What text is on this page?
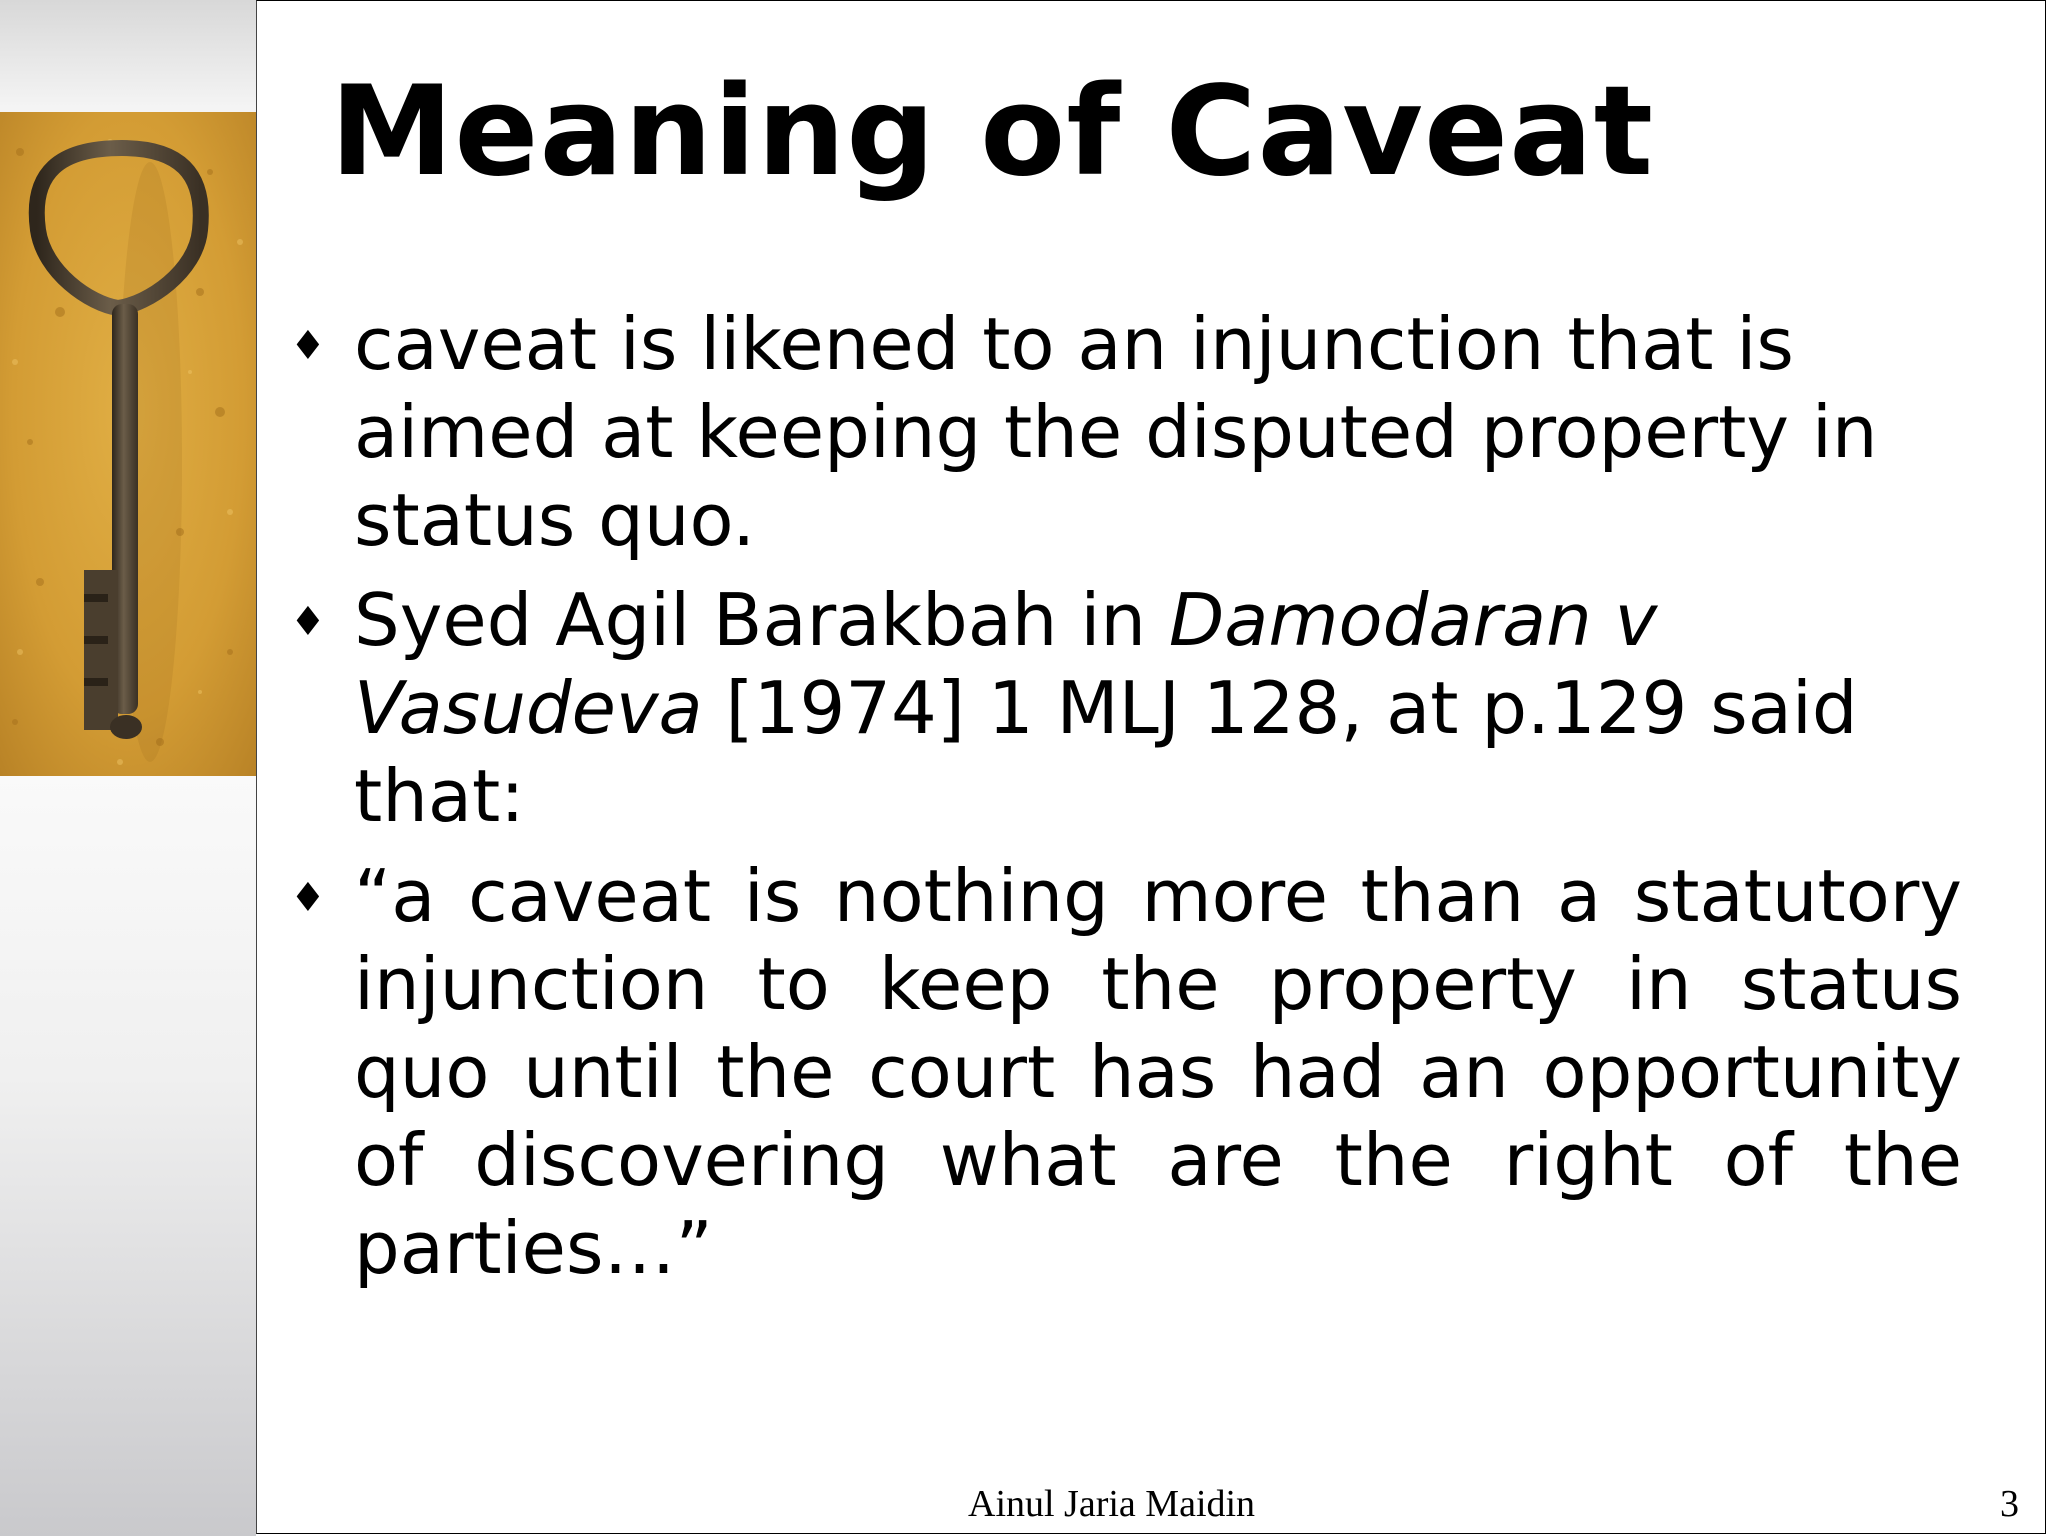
Meaning of Caveat
♦ caveat is likened to an injunction that is aimed at keeping the disputed property in status quo.
♦ Syed Agil Barakbah in Damodaran v Vasudeva [1974] 1 MLJ 128, at p.129 said that:
♦ “a caveat is nothing more than a statutory injunction to keep the property in status quo until the court has had an opportunity of discovering what are the right of the parties…”
Ainul Jaria Maidin	3
